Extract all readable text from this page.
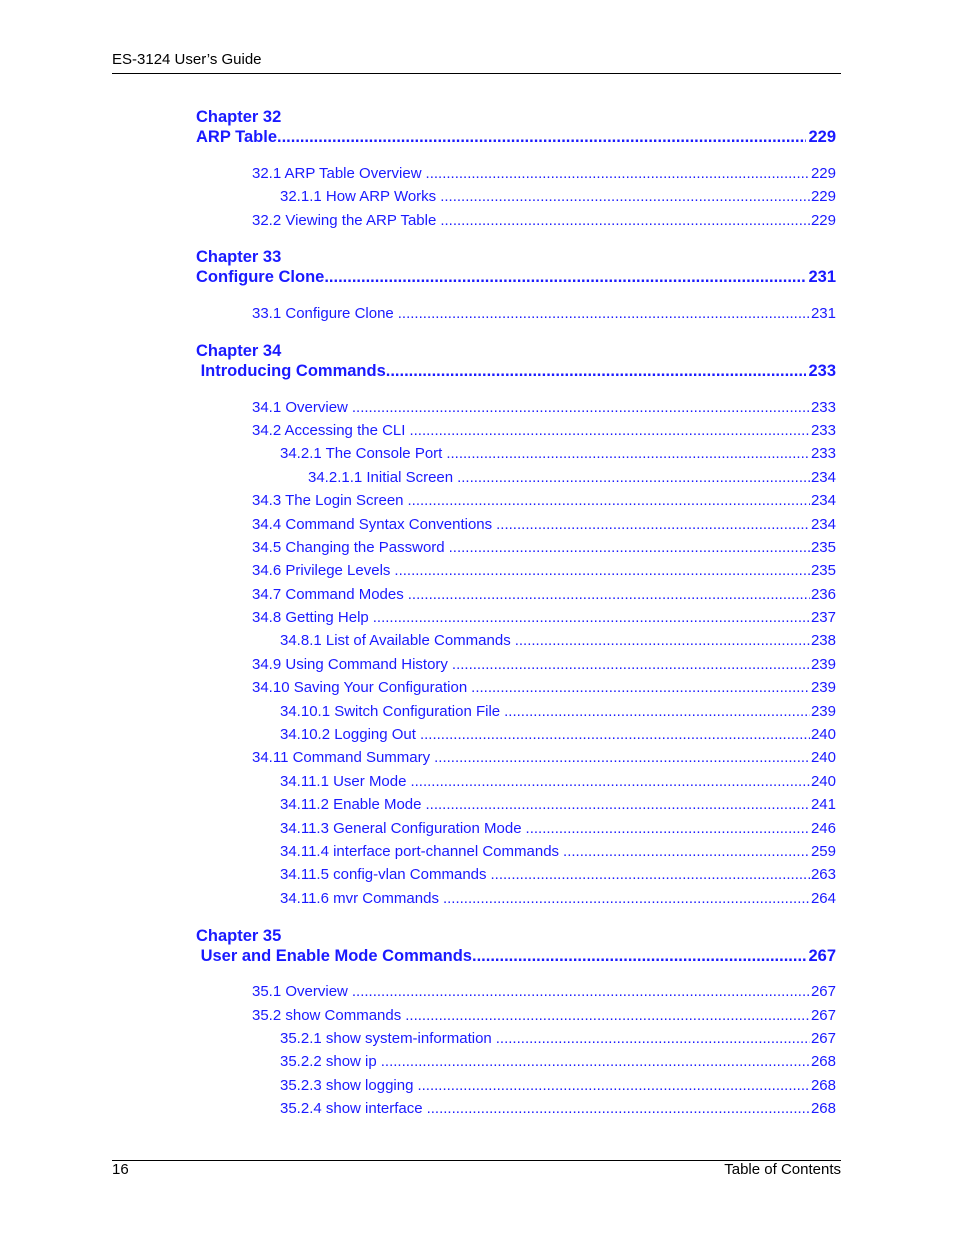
ES-3124 User’s Guide
Chapter 32
ARP Table .....	229
32.1 ARP Table Overview .....	229
32.1.1 How ARP Works .....	229
32.2 Viewing the ARP Table .....	229
Chapter 33
Configure Clone .....	231
33.1 Configure Clone .....	231
Chapter 34
Introducing Commands .....	233
34.1 Overview .....	233
34.2 Accessing the CLI .....	233
34.2.1 The Console Port .....	233
34.2.1.1 Initial Screen .....	234
34.3 The Login Screen .....	234
34.4 Command Syntax Conventions .....	234
34.5 Changing the Password .....	235
34.6 Privilege Levels .....	235
34.7 Command Modes .....	236
34.8 Getting Help .....	237
34.8.1 List of Available Commands .....	238
34.9 Using Command History .....	239
34.10 Saving Your Configuration .....	239
34.10.1 Switch Configuration File .....	239
34.10.2 Logging Out .....	240
34.11 Command Summary .....	240
34.11.1 User Mode .....	240
34.11.2 Enable Mode .....	241
34.11.3 General Configuration Mode .....	246
34.11.4 interface port-channel Commands .....	259
34.11.5 config-vlan Commands .....	263
34.11.6 mvr Commands .....	264
Chapter 35
User and Enable Mode Commands .....	267
35.1 Overview .....	267
35.2 show Commands .....	267
35.2.1 show system-information .....	267
35.2.2 show ip .....	268
35.2.3 show logging .....	268
35.2.4 show interface .....	268
16	Table of Contents
